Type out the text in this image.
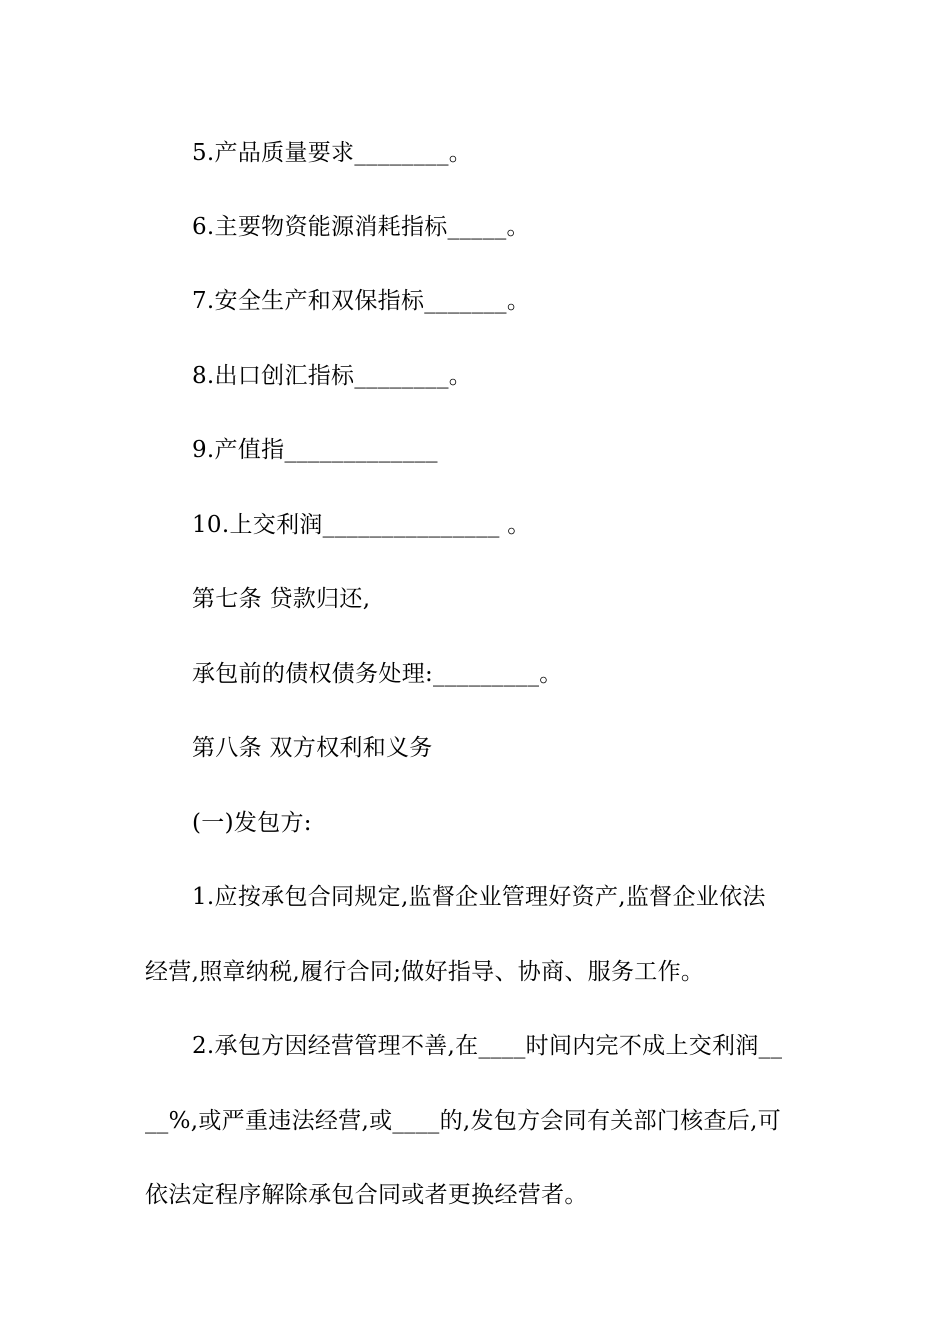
5.产品质量要求________。
6.主要物资能源消耗指标_____。
7.安全生产和双保指标_______。
8.出口创汇指标________。
9.产值指_____________
10.上交利润_______________ 。
第七条 贷款归还,
承包前的债权债务处理:_________。
第八条 双方权利和义务
(一)发包方:
1.应按承包合同规定,监督企业管理好资产,监督企业依法
经营,照章纳税,履行合同;做好指导、协商、服务工作。
2.承包方因经营管理不善,在____时间内完不成上交利润__
__%,或严重违法经营,或____的,发包方会同有关部门核查后,可
依法定程序解除承包合同或者更换经营者。
